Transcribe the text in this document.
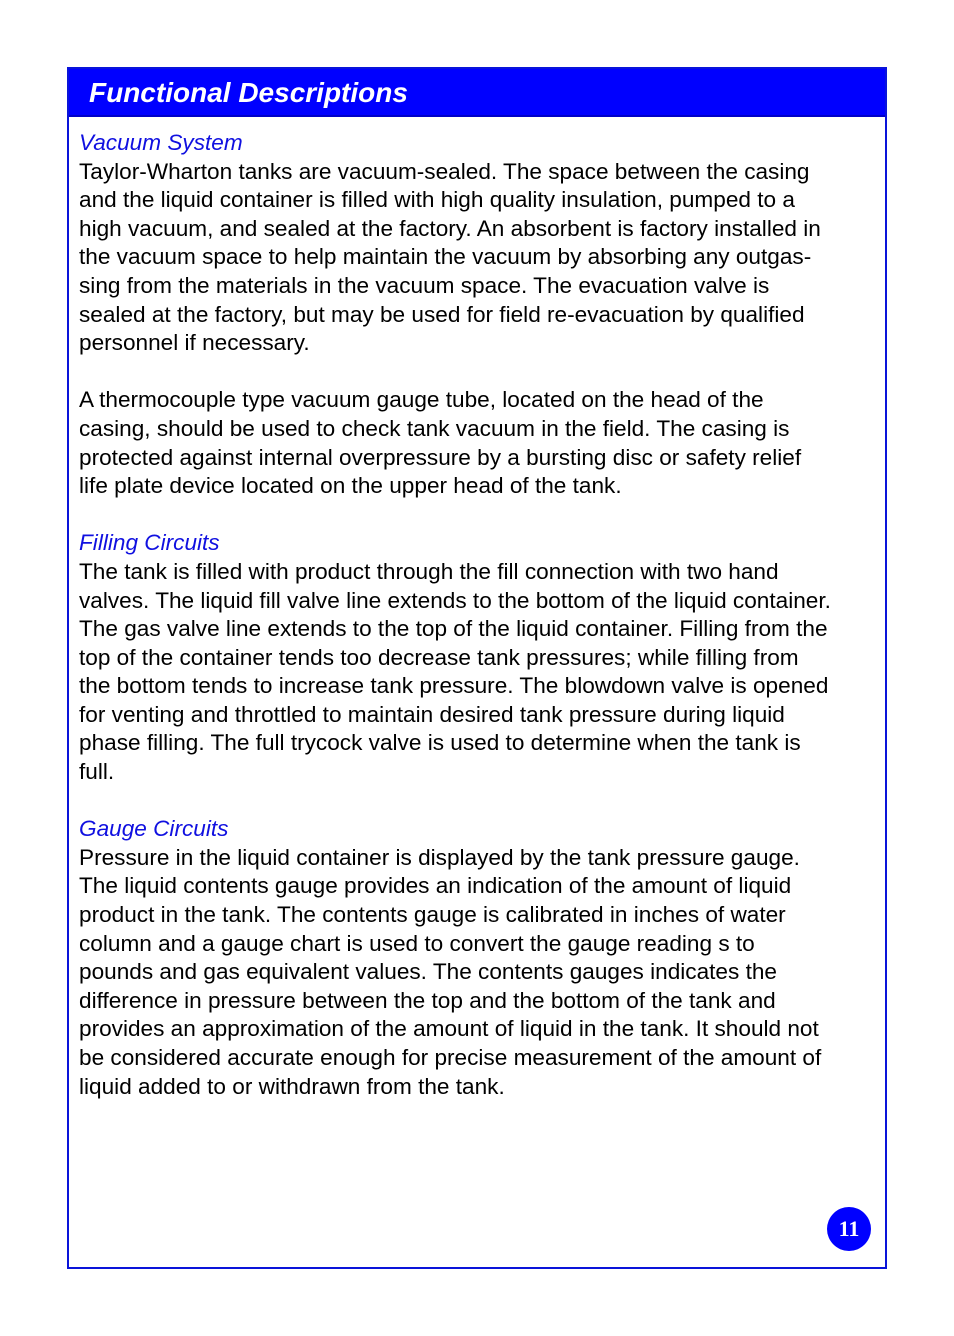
Functional Descriptions
Vacuum System
Taylor-Wharton tanks are vacuum-sealed. The space between the casing
and the liquid container is filled with high quality insulation, pumped to a
high vacuum, and sealed at the factory. An absorbent is factory installed in
the vacuum space to help maintain the vacuum by absorbing any outgas-
sing from the materials in the vacuum space. The evacuation valve is
sealed at the factory, but may be used for field re-evacuation by qualified
personnel if necessary.
A thermocouple type vacuum gauge tube, located on the head of the
casing, should be used to check tank vacuum in the field. The casing is
protected against internal overpressure by a bursting disc or safety relief
life plate device located on the upper head of the tank.
Filling Circuits
The tank is filled with product through the fill connection with two hand
valves. The liquid fill valve line extends to the bottom of the liquid container.
The gas valve line extends to the top of the liquid container. Filling from the
top of the container tends too decrease tank pressures; while filling from
the bottom tends to increase tank pressure. The blowdown valve is opened
for venting and throttled to maintain desired tank pressure during liquid
phase filling. The full trycock valve is used to determine when the tank is
full.
Gauge Circuits
Pressure in the liquid container is displayed by the tank pressure gauge.
The liquid contents gauge provides an indication of the amount of liquid
product in the tank. The contents gauge is calibrated in inches of water
column and a gauge chart is used to convert the gauge reading s to
pounds and gas equivalent values. The contents gauges indicates the
difference in pressure between the top and the bottom of the tank and
provides an approximation of the amount of liquid in the tank. It should not
be considered accurate enough for precise measurement of the amount of
liquid added to or withdrawn from the tank.
11
